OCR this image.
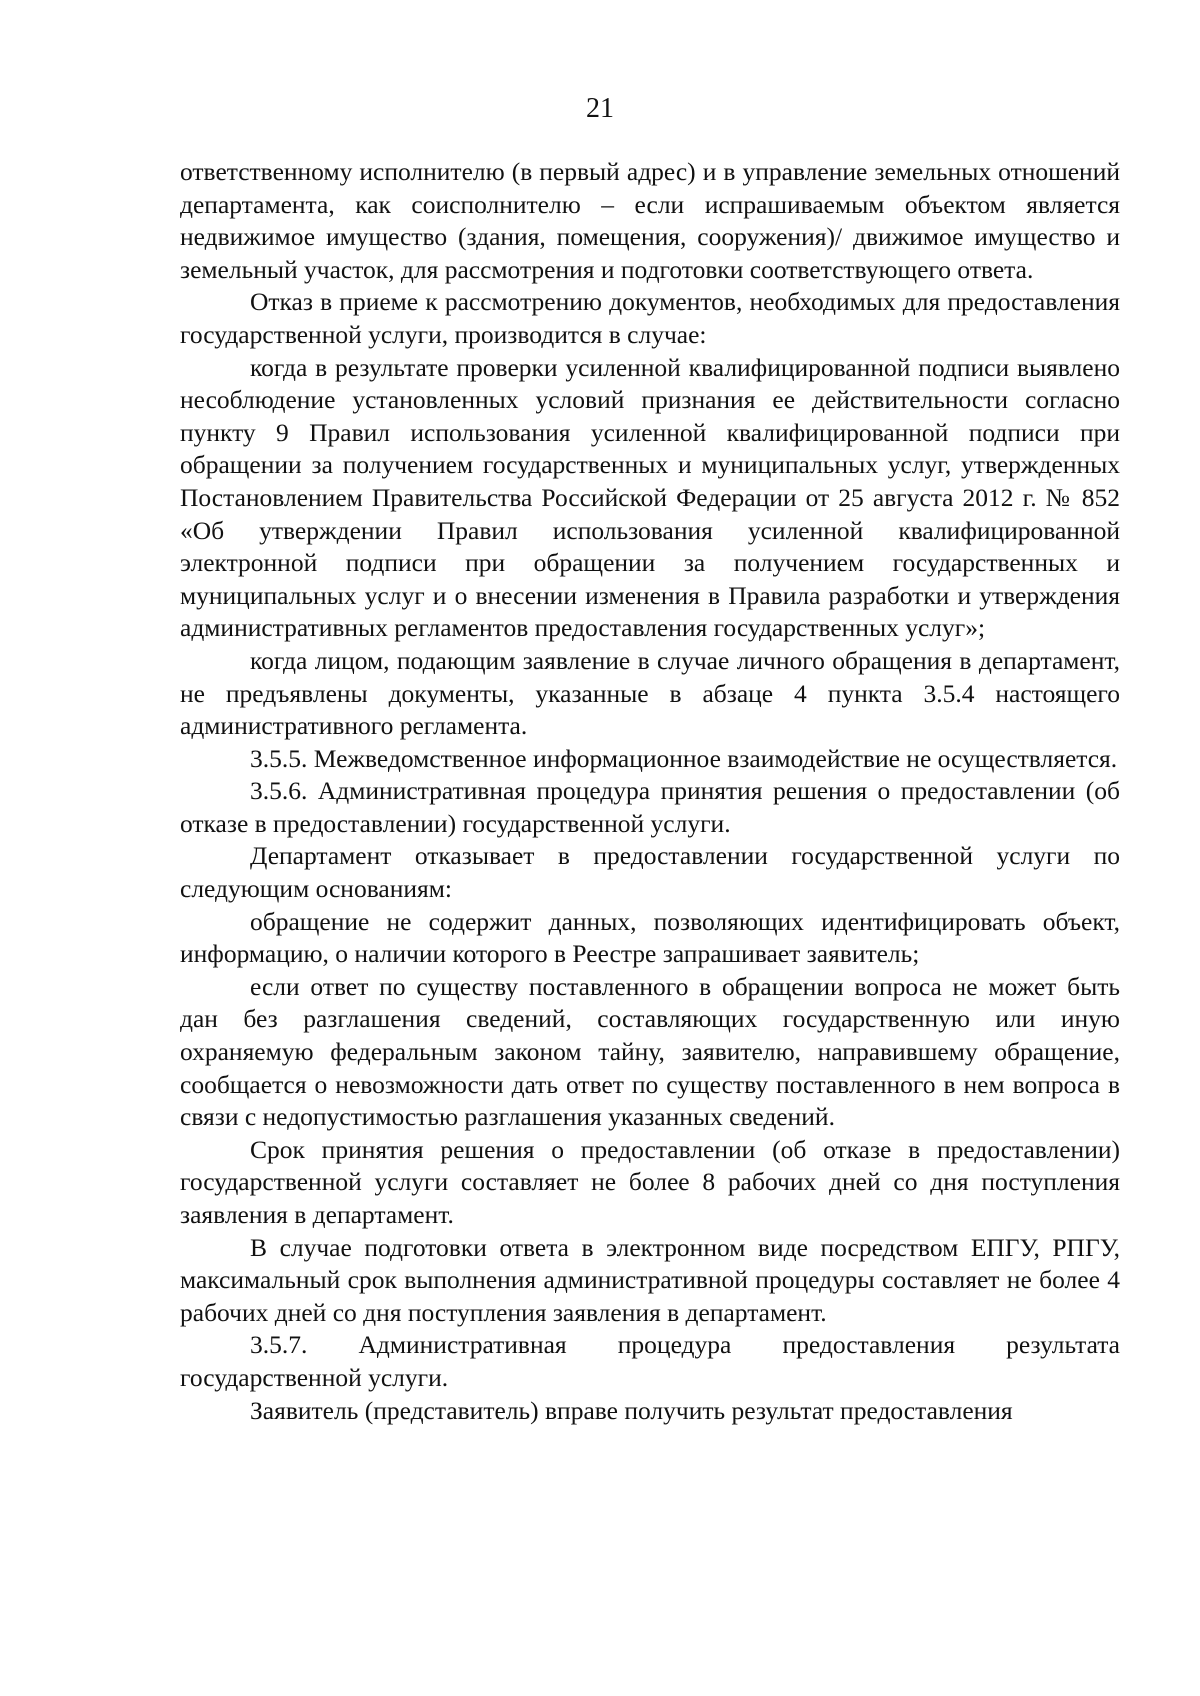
21

ответственному исполнителю (в первый адрес) и в управление земельных отношений департамента, как соисполнителю – если испрашиваемым объектом является недвижимое имущество (здания, помещения, сооружения)/ движимое имущество и земельный участок, для рассмотрения и подготовки соответствующего ответа.

Отказ в приеме к рассмотрению документов, необходимых для предоставления государственной услуги, производится в случае:

когда в результате проверки усиленной квалифицированной подписи выявлено несоблюдение установленных условий признания ее действительности согласно пункту 9 Правил использования усиленной квалифицированной подписи при обращении за получением государственных и муниципальных услуг, утвержденных Постановлением Правительства Российской Федерации от 25 августа 2012 г. № 852 «Об утверждении Правил использования усиленной квалифицированной электронной подписи при обращении за получением государственных и муниципальных услуг и о внесении изменения в Правила разработки и утверждения административных регламентов предоставления государственных услуг»;

когда лицом, подающим заявление в случае личного обращения в департамент, не предъявлены документы, указанные в абзаце 4 пункта 3.5.4 настоящего административного регламента.

3.5.5. Межведомственное информационное взаимодействие не осуществляется.

3.5.6. Административная процедура принятия решения о предоставлении (об отказе в предоставлении) государственной услуги.

Департамент отказывает в предоставлении государственной услуги по следующим основаниям:

обращение не содержит данных, позволяющих идентифицировать объект, информацию, о наличии которого в Реестре запрашивает заявитель;

если ответ по существу поставленного в обращении вопроса не может быть дан без разглашения сведений, составляющих государственную или иную охраняемую федеральным законом тайну, заявителю, направившему обращение, сообщается о невозможности дать ответ по существу поставленного в нем вопроса в связи с недопустимостью разглашения указанных сведений.

Срок принятия решения о предоставлении (об отказе в предоставлении) государственной услуги составляет не более 8 рабочих дней со дня поступления заявления в департамент.

В случае подготовки ответа в электронном виде посредством ЕПГУ, РПГУ, максимальный срок выполнения административной процедуры составляет не более 4 рабочих дней со дня поступления заявления в департамент.

3.5.7. Административная процедура предоставления результата государственной услуги.

Заявитель (представитель) вправе получить результат предоставления
